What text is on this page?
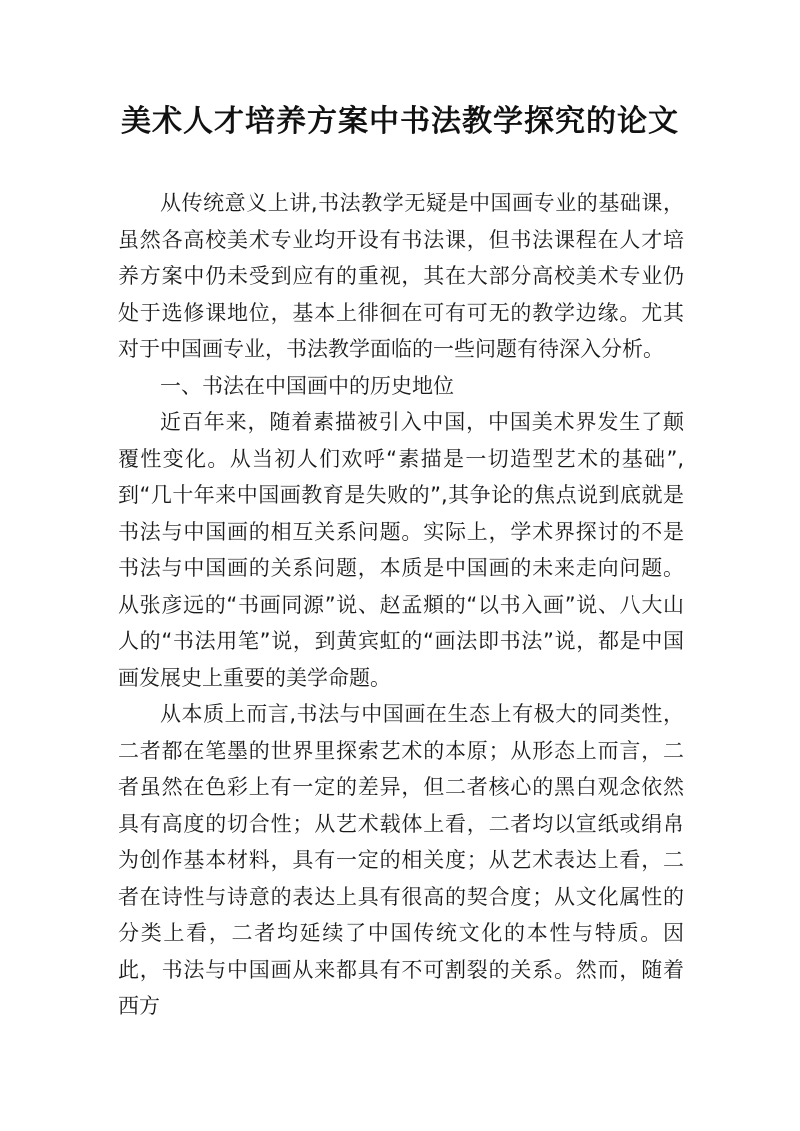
美术人才培养方案中书法教学探究的论文

从传统意义上讲,书法教学无疑是中国画专业的基础课，虽然各高校美术专业均开设有书法课，但书法课程在人才培养方案中仍未受到应有的重视，其在大部分高校美术专业仍处于选修课地位，基本上徘徊在可有可无的教学边缘。尤其对于中国画专业，书法教学面临的一些问题有待深入分析。

一、书法在中国画中的历史地位

近百年来，随着素描被引入中国，中国美术界发生了颠覆性变化。从当初人们欢呼“素描是一切造型艺术的基础”,到“几十年来中国画教育是失败的”,其争论的焦点说到底就是书法与中国画的相互关系问题。实际上，学术界探讨的不是书法与中国画的关系问题，本质是中国画的未来走向问题。从张彦远的“书画同源”说、赵孟頫的“以书入画”说、八大山人的“书法用笔”说，到黄宾虹的“画法即书法”说，都是中国画发展史上重要的美学命题。

从本质上而言,书法与中国画在生态上有极大的同类性，二者都在笔墨的世界里探索艺术的本原；从形态上而言，二者虽然在色彩上有一定的差异，但二者核心的黑白观念依然具有高度的切合性；从艺术载体上看，二者均以宣纸或绢帛为创作基本材料，具有一定的相关度；从艺术表达上看，二者在诗性与诗意的表达上具有很高的契合度；从文化属性的分类上看，二者均延续了中国传统文化的本性与特质。因此，书法与中国画从来都具有不可割裂的关系。然而，随着西方
